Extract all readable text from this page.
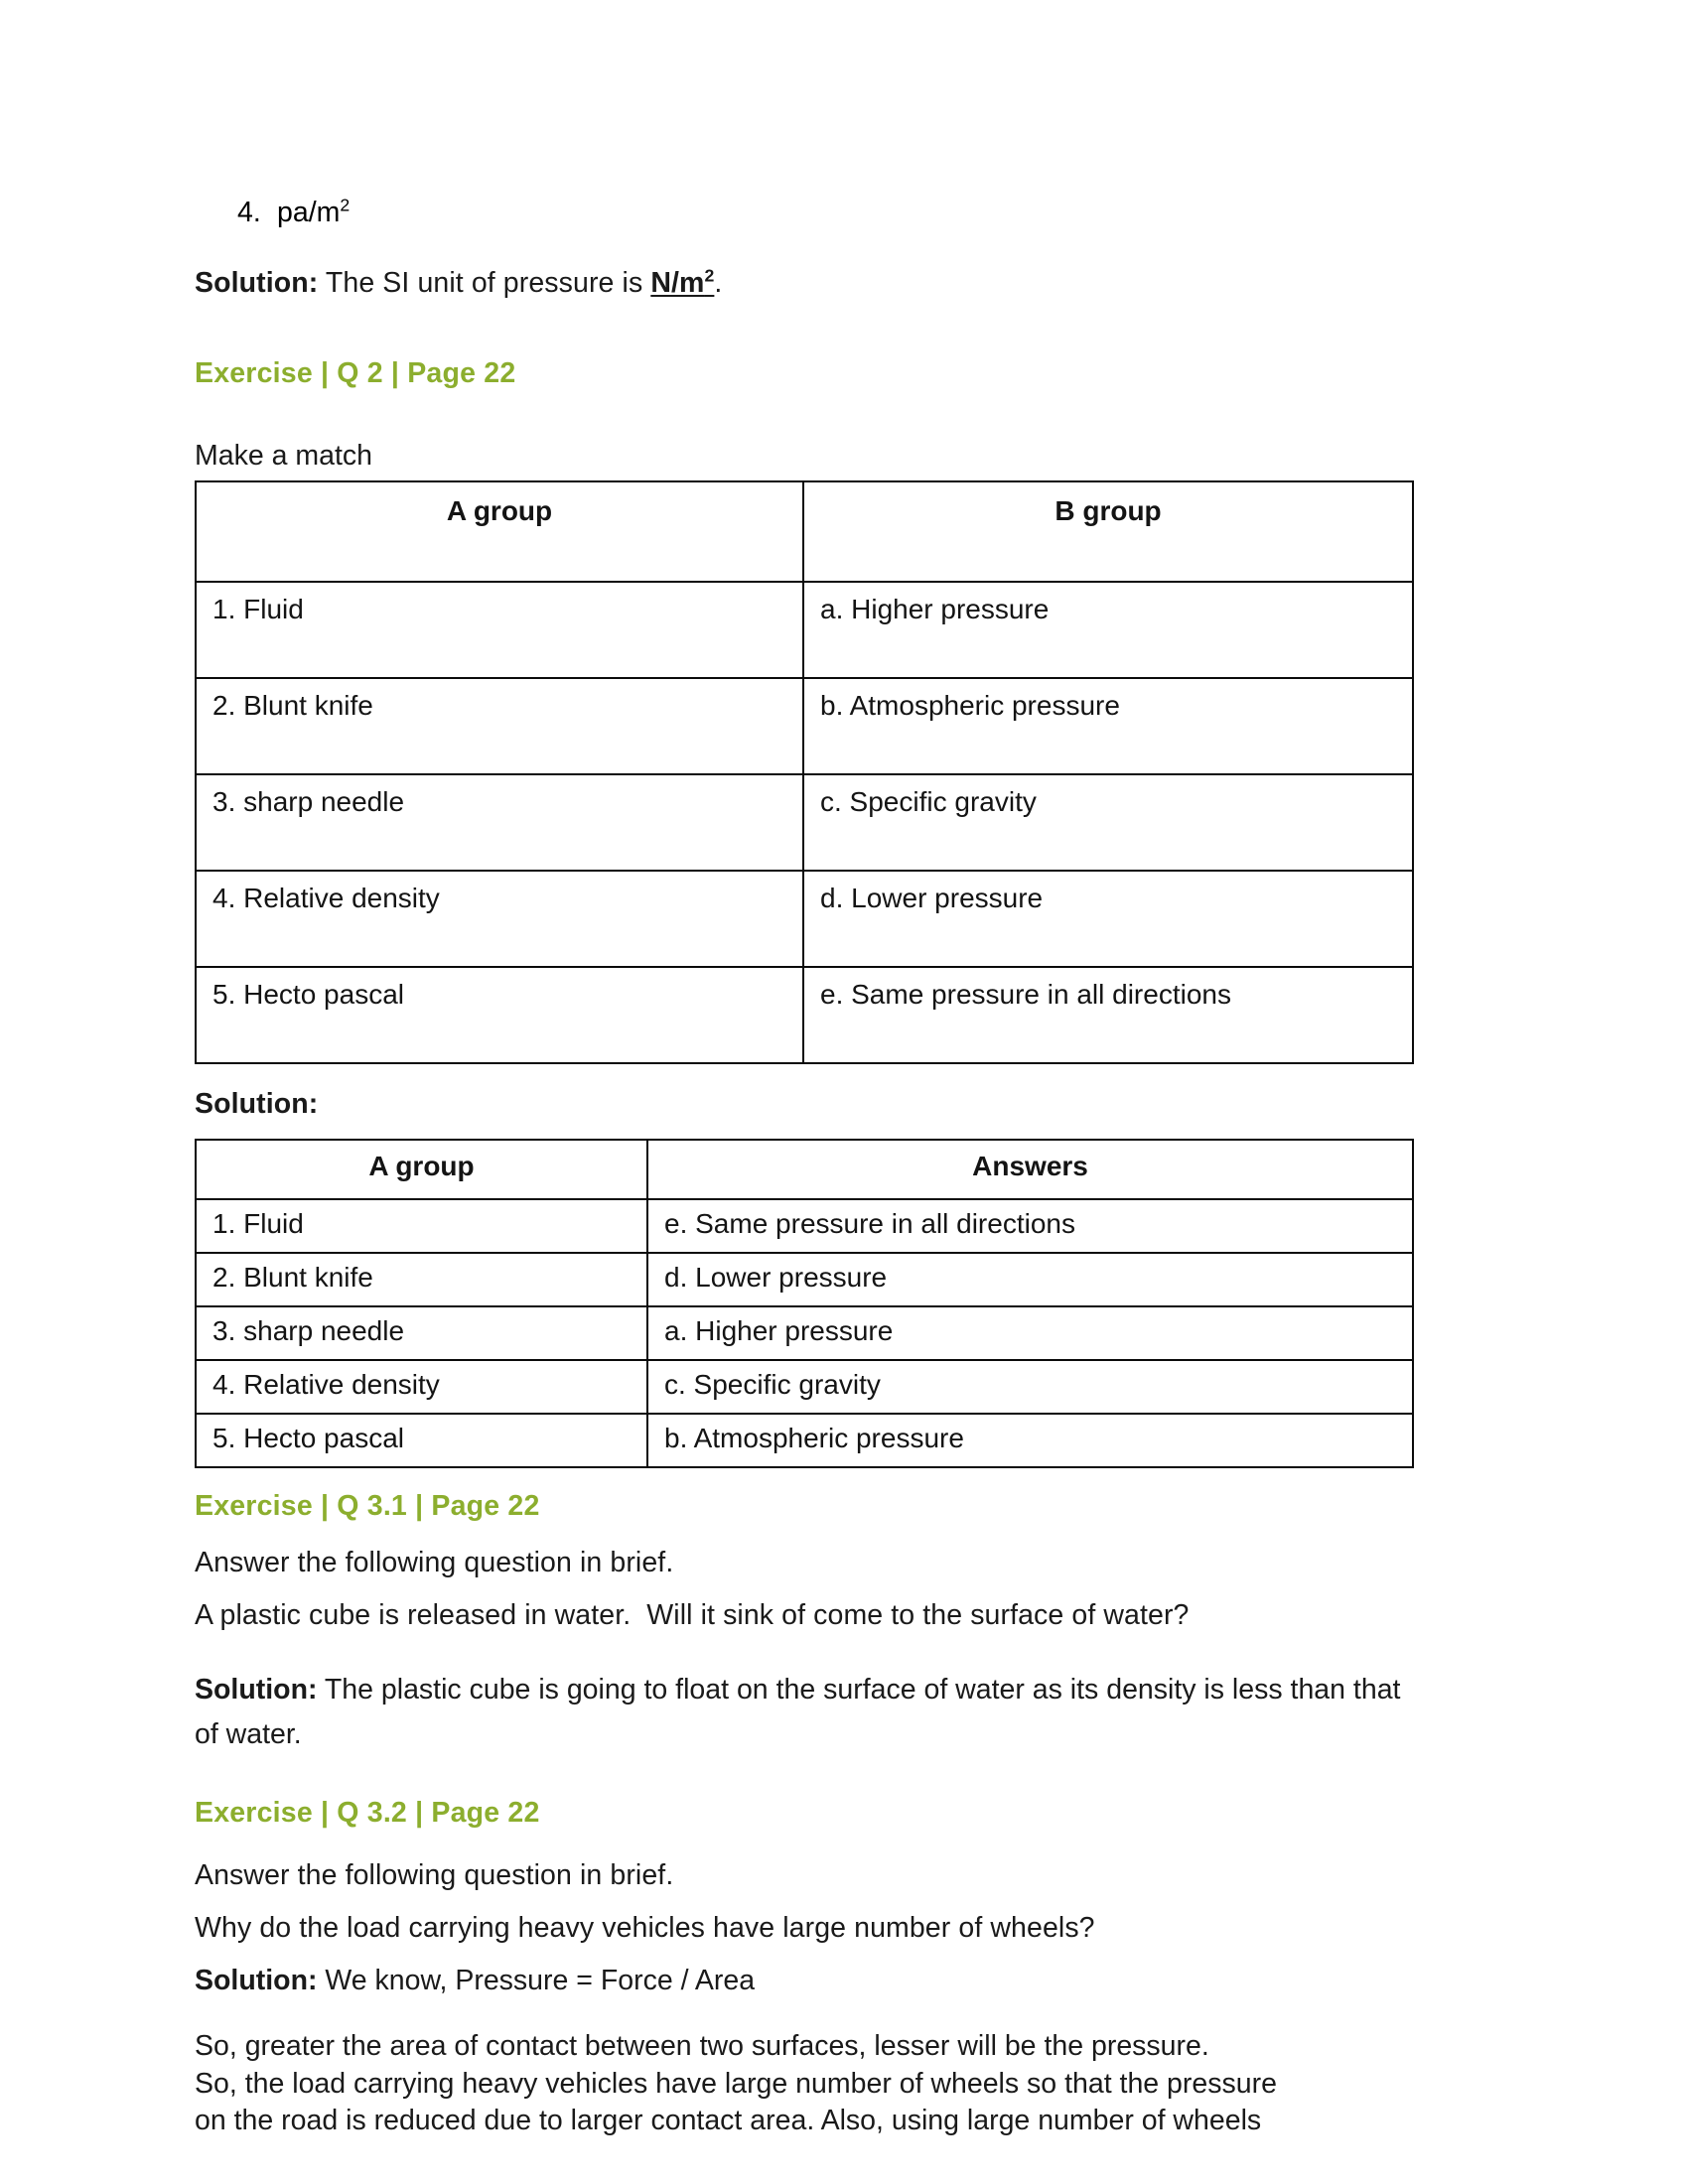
4. $pa/m^2$

Solution: The SI unit of pressure is $N/m^2$.

Exercise | Q 2 | Page 22
Make a match
A group	B group
1. Fluid	a. Higher pressure
2. Blunt knife	b. Atmospheric pressure
3. sharp needle	c. Specific gravity
4. Relative density	d. Lower pressure
5. Hecto pascal	e. Same pressure in all directions
Solution:
A group	Answers
1. Fluid	e. Same pressure in all directions
2. Blunt knife	d. Lower pressure
3. sharp needle	a. Higher pressure
4. Relative density	c. Specific gravity
5. Hecto pascal	b. Atmospheric pressure
Exercise | Q 3.1 | Page 22
Answer the following question in brief.
A plastic cube is released in water.  Will it sink of come to the surface of water?

Solution: The plastic cube is going to float on the surface of water as its density is less than that of water.

Exercise | Q 3.2 | Page 22
Answer the following question in brief.
Why do the load carrying heavy vehicles have large number of wheels?

Solution: We know, Pressure = Force / Area

So, greater the area of contact between two surfaces, lesser will be the pressure.
So, the load carrying heavy vehicles have large number of wheels so that the pressure
on the road is reduced due to larger contact area. Also, using large number of wheels
